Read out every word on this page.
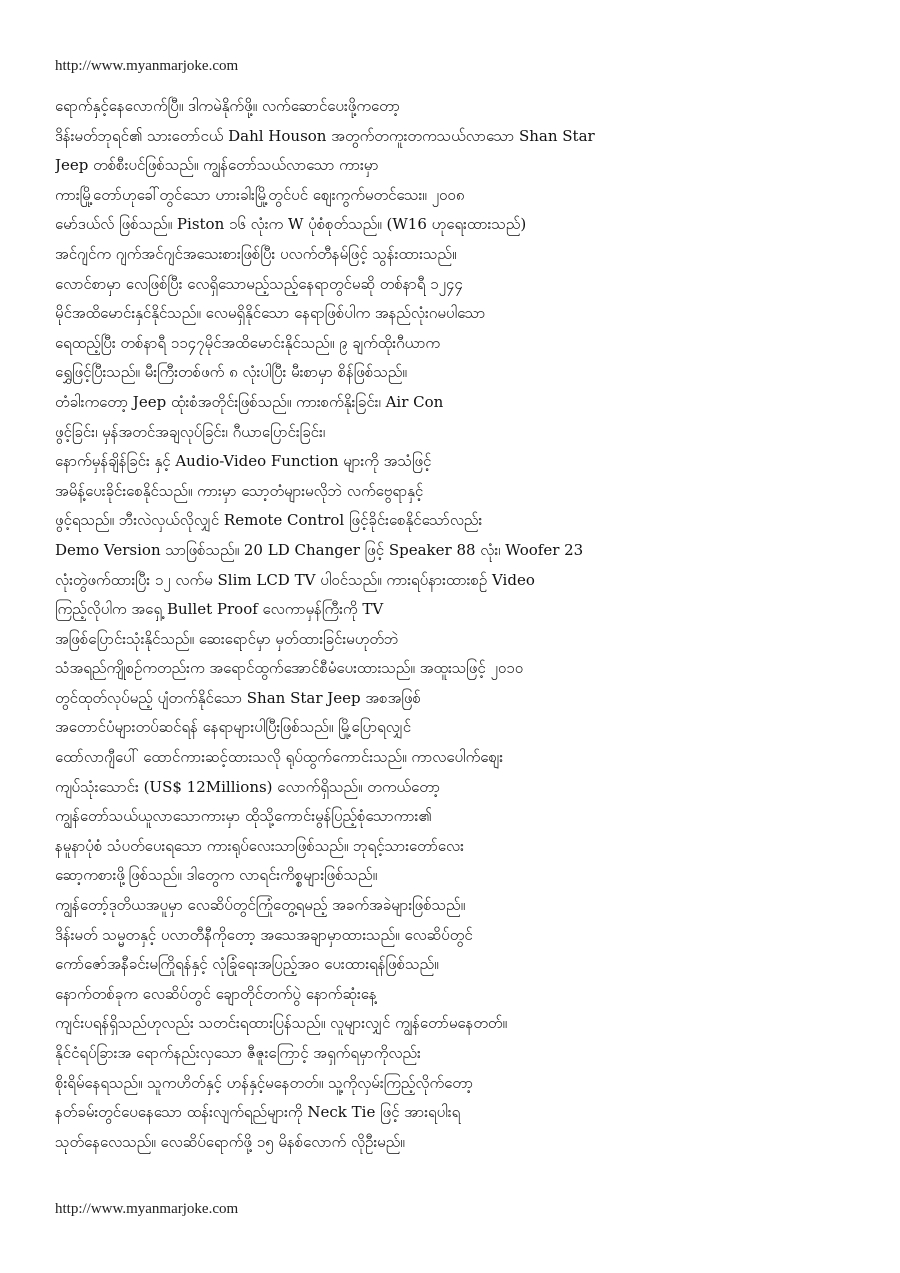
http://www.myanmarjoke.com
ရောက်နှင့်နေလောက်ပြီ။ ဒါကမဲနိုက်ဖို့။ လက်ဆောင်ပေးဖို့ကတော့
ဒိန်းမတ်ဘုရင်၏ သားတော်ငယ် Dahl Houson အတွက်တကူးတကသယ်လာသော Shan Star
Jeep တစ်စီးပင်ဖြစ်သည်။ ကျွန်တော်သယ်လာသော ကားမှာ
ကားမြို့တော်ဟုခေါ်တွင်သော ဟားခါးမြို့တွင်ပင် စျေးကွက်မတင်သေး။ ၂၀၀၈
မော်ဒယ်လ် ဖြစ်သည်။ Piston ၁၆ လုံးက W ပုံစံစုတ်သည်။ (W16 ဟုရေးထားသည်)
အင်ဂျင်က ဂျက်အင်ဂျင်အသေးစားဖြစ်ပြီး ပလက်တီနမ်ဖြင့် သွန်းထားသည်။
လောင်စာမှာ လေဖြစ်ပြီး လေရှိသောမည့်သည့်နေရာတွင်မဆို တစ်နာရီ ၁၂၄၄
မိုင်အထိမောင်းနှင်နိုင်သည်။ လေမရှိနိုင်သော နေရာဖြစ်ပါက အနည်လုံးဂမပါသော
ရေထည့်ပြီး တစ်နာရီ ၁၁၄၇မိုင်အထိမောင်းနိုင်သည်။ ၉ ချက်ထိုးဂီယာက
ရွှေဖြင့်ပြီးသည်။ မီးကြီးတစ်ဖက် ၈ လုံးပါပြီး မီးစာမှာ စိန်ဖြစ်သည်။
တံခါးကတော့ Jeep ထုံးစံအတိုင်းဖြစ်သည်။ ကားစက်နိုးခြင်း၊ Air Con
ဖွင့်ခြင်း၊ မှန်အတင်အချလုပ်ခြင်း၊ ဂီယာပြောင်းခြင်း၊
နောက်မှန်ချိန်ခြင်း နှင့် Audio-Video Function များကို အသံဖြင့်
အမိန့်ပေးခိုင်းစေနိုင်သည်။ ကားမှာ သော့တံများမလိုဘဲ လက်ဗွေရာနှင့်
ဖွင့်ရသည်။ ဘီးလဲလှယ်လိုလျှင် Remote Control ဖြင့်ခိုင်းစေနိုင်သော်လည်း
Demo Version သာဖြစ်သည်။ 20 LD Changer ဖြင့် Speaker 88 လုံး၊ Woofer 23
လုံးတွဲဖက်ထားပြီး ၁၂ လက်မ Slim LCD TV ပါဝင်သည်။ ကားရပ်နားထားစဉ် Video
ကြည့်လိုပါက အရှေ့ Bullet Proof လေကာမှန်ကြီးကို TV
အဖြစ်ပြောင်းသုံးနိုင်သည်။ ဆေးရောင်မှာ မှတ်ထားခြင်းမဟုတ်ဘဲ
သံအရည်ကျိုစဉ်ကတည်းက အရောင်ထွက်အောင်စီမံပေးထားသည်။ အထူးသဖြင့် ၂၀၁၀
တွင်ထုတ်လုပ်မည့် ပျံတက်နိုင်သော Shan Star Jeep အစအဖြစ်
အတောင်ပံများတပ်ဆင်ရန် နေရာများပါပြီးဖြစ်သည်။ မြို့ပြောရလျှင်
ထော်လာဂျီပေါ် ထောင်ကားဆင့်ထားသလို ရုပ်ထွက်ကောင်းသည်။ ကာလပေါက်စျေး
ကျပ်သုံးသောင်း (US$ 12Millions) လောက်ရှိသည်။ တကယ်တော့
ကျွန်တော်သယ်ယူလာသောကားမှာ ထိုသို့ကောင်းမွန်ပြည့်စုံသောကား၏
နမူနာပုံစံ သံပတ်ပေးရသော ကားရုပ်လေးသာဖြစ်သည်။ ဘုရင့်သားတော်လေး
ဆော့ကစားဖို့ဖြစ်သည်။ ဒါတွေက လာရင်းကိစ္စများဖြစ်သည်။
ကျွန်တော့်ဒုတိယအပူမှာ လေဆိပ်တွင်ကြုံတွေ့ရမည့် အခက်အခဲများဖြစ်သည်။
ဒိန်းမတ် သမ္မတနှင့် ပလာတီနီကိုတော့ အသေအချာမှာထားသည်။ လေဆိပ်တွင်
ကော်ဇော်အနီခင်းမကြိုရန်နှင့် လုံခြုံရေးအပြည့်အဝ ပေးထားရန်ဖြစ်သည်။
နောက်တစ်ခုက လေဆိပ်တွင် ချောတိုင်တက်ပွဲ နောက်ဆုံးနေ့
ကျင်းပရန်ရှိသည်ဟုလည်း သတင်းရထားပြန်သည်။ လူများလျှင် ကျွန်တော်မနေတတ်။
နိုင်ငံရပ်ခြားအ ရောက်နည်းလှသော ဇီဇူးကြောင့် အရှက်ရမှာကိုလည်း
စိုးရိမ်နေရသည်။ သူကဟိတ်နှင့် ဟန်နှင့်မနေတတ်။ သူ့ကိုလှမ်းကြည့်လိုက်တော့
နတ်ခမ်းတွင်ပေနေသော ထန်းလျက်ရည်များကို Neck Tie ဖြင့် အားရပါးရ
သုတ်နေလေသည်။ လေဆိပ်ရောက်ဖို့ ၁၅ မိနစ်လောက် လိုဦးမည်။
http://www.myanmarjoke.com
